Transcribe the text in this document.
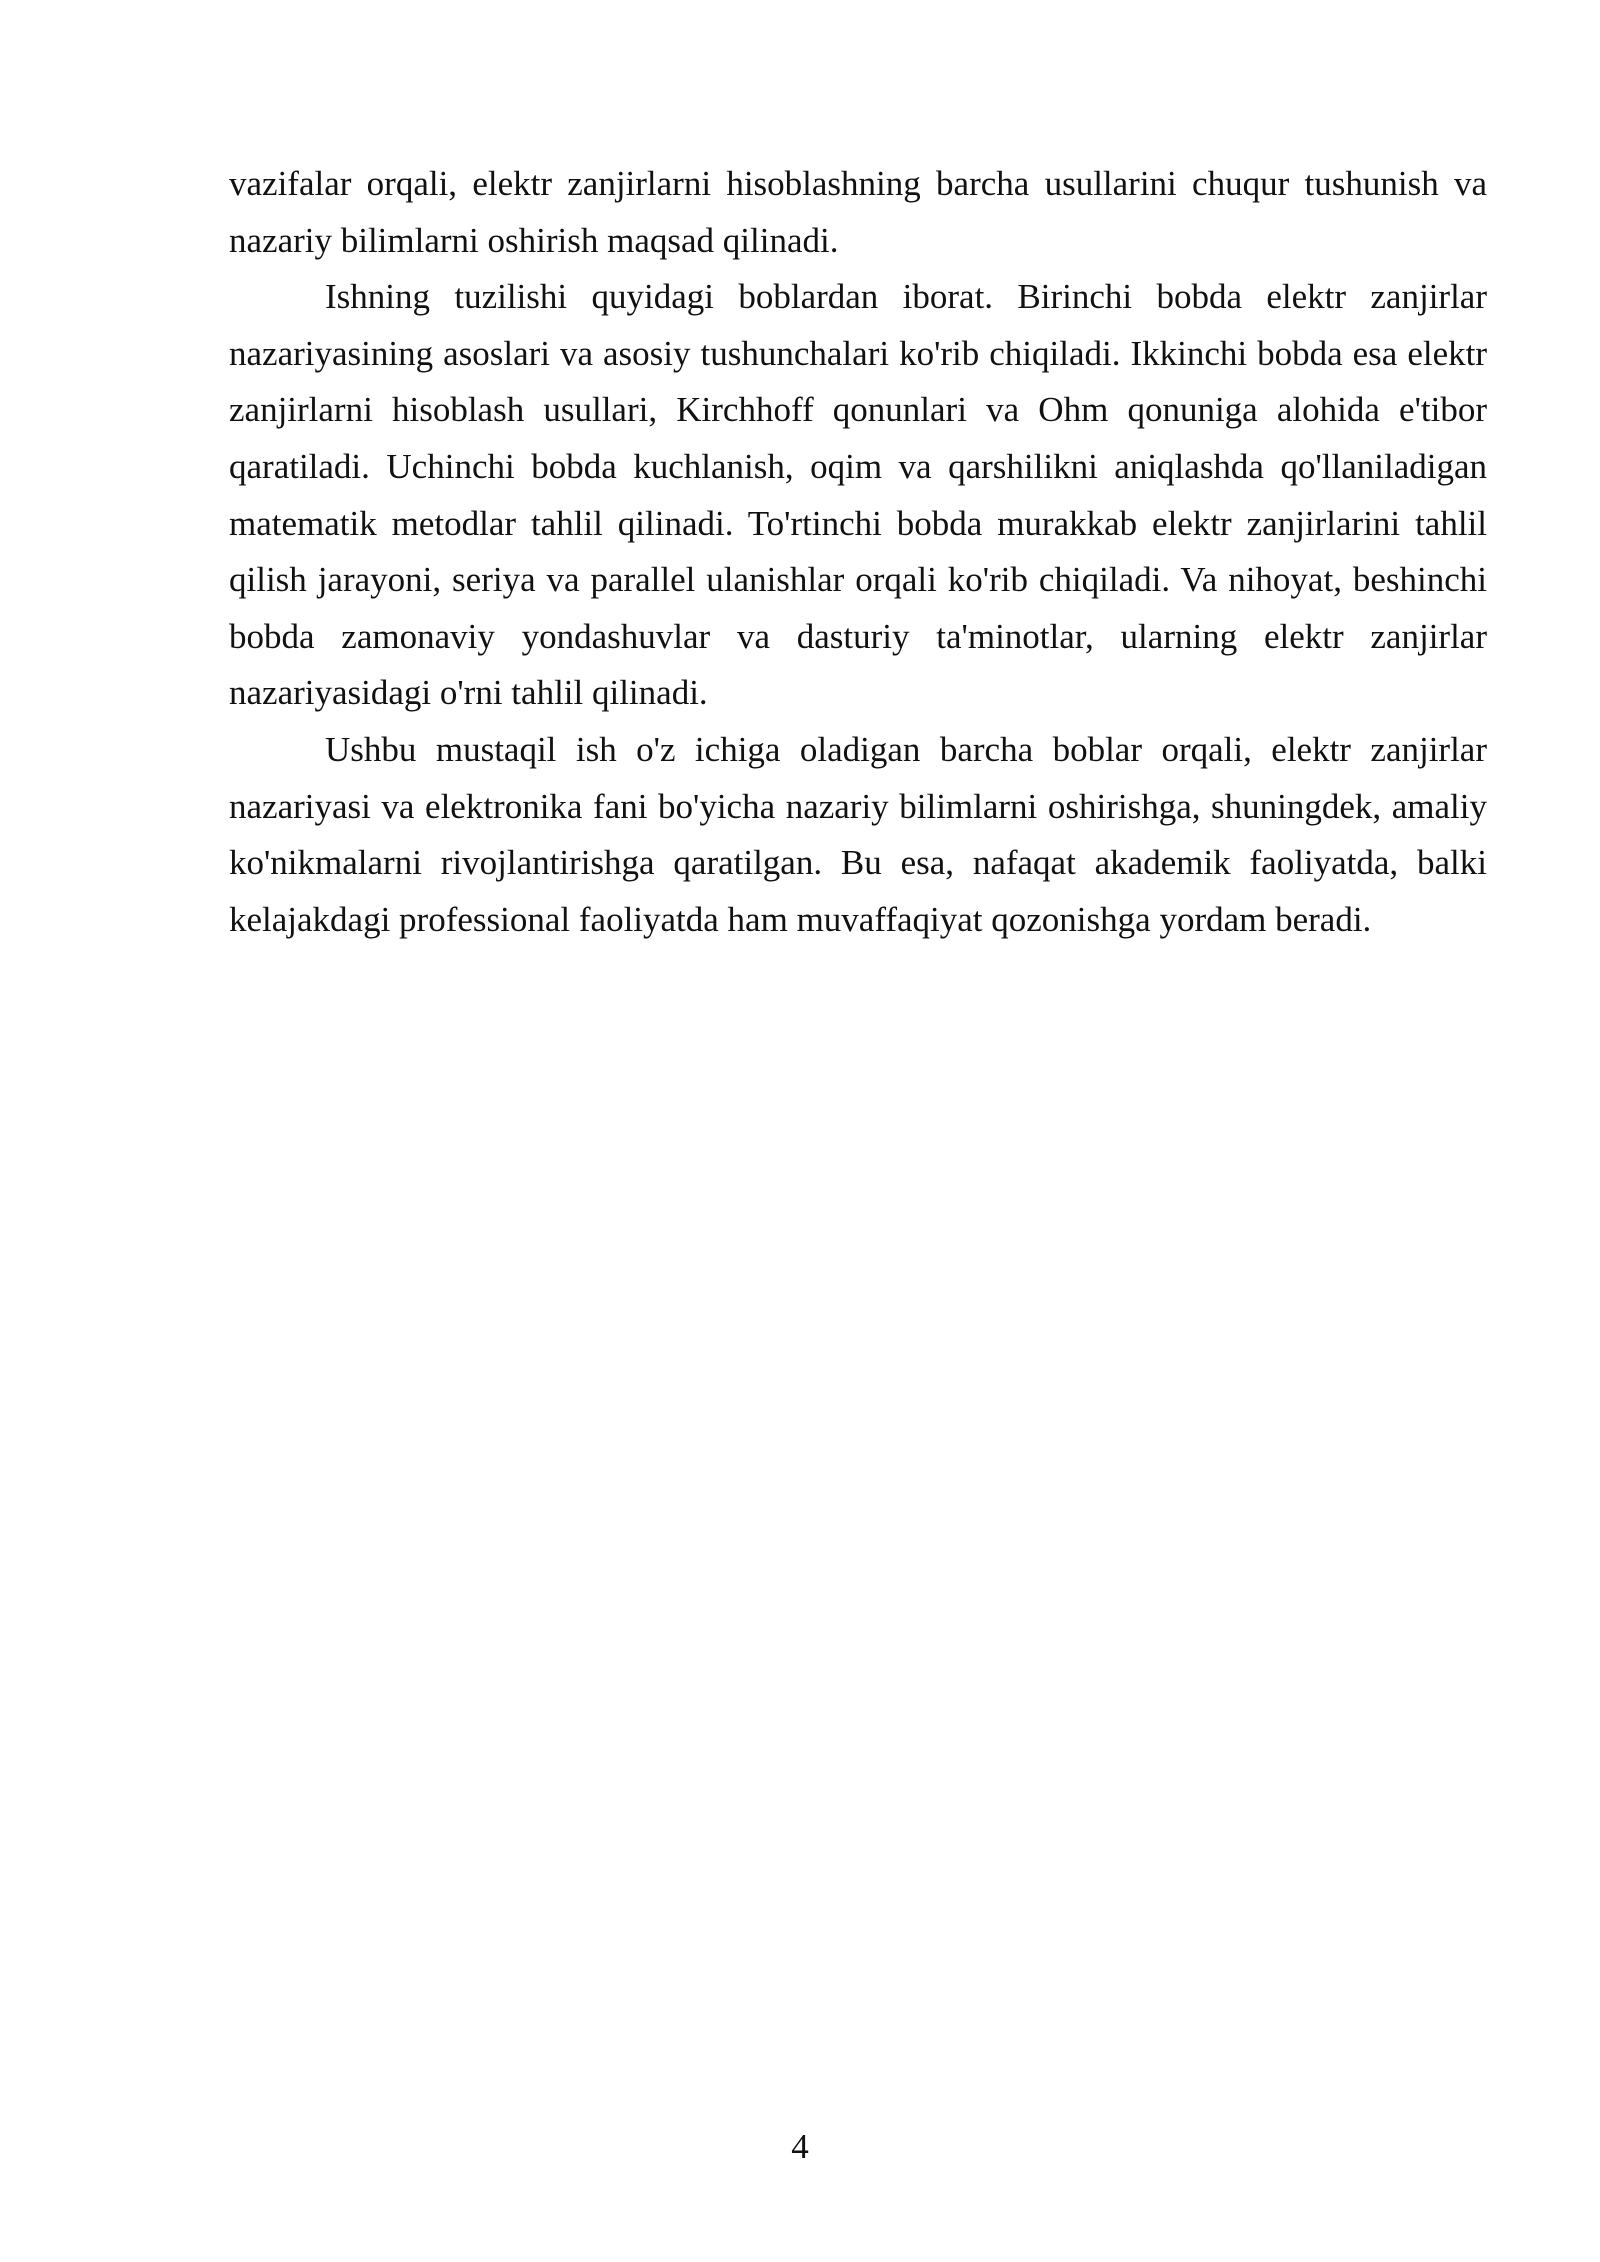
vazifalar orqali, elektr zanjirlarni hisoblashning barcha usullarini chuqur tushunish va nazariy bilimlarni oshirish maqsad qilinadi.

Ishning tuzilishi quyidagi boblardan iborat. Birinchi bobda elektr zanjirlar nazariyasining asoslari va asosiy tushunchalari ko'rib chiqiladi. Ikkinchi bobda esa elektr zanjirlarni hisoblash usullari, Kirchhoff qonunlari va Ohm qonuniga alohida e'tibor qaratiladi. Uchinchi bobda kuchlanish, oqim va qarshilikni aniqlashda qo'llaniladigan matematik metodlar tahlil qilinadi. To'rtinchi bobda murakkab elektr zanjirlarini tahlil qilish jarayoni, seriya va parallel ulanishlar orqali ko'rib chiqiladi. Va nihoyat, beshinchi bobda zamonaviy yondashuvlar va dasturiy ta'minotlar, ularning elektr zanjirlar nazariyasidagi o'rni tahlil qilinadi.

Ushbu mustaqil ish o'z ichiga oladigan barcha boblar orqali, elektr zanjirlar nazariyasi va elektronika fani bo'yicha nazariy bilimlarni oshirishga, shuningdek, amaliy ko'nikmalarni rivojlantirishga qaratilgan. Bu esa, nafaqat akademik faoliyatda, balki kelajakdagi professional faoliyatda ham muvaffaqiyat qozonishga yordam beradi.

4
